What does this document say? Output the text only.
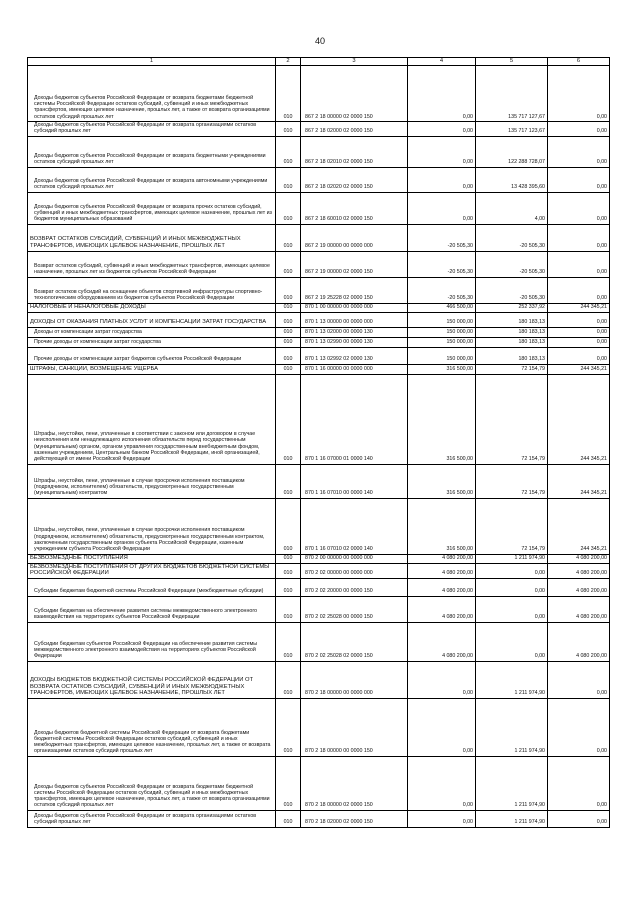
40
1	2	3	4	5	6
Доходы бюджетов субъектов Российской Федерации от возврата бюджетами бюджетной системы Российской Федерации остатков субсидий, субвенций и иных межбюджетных трансфертов, имеющих целевое назначение, прошлых лет, а также от возврата организациями остатков субсидий прошлых лет	010	867 2 18 00000 02 0000 150	0,00	135 717 127,67	0,00
Доходы бюджетов субъектов Российской Федерации от возврата организациями остатков субсидий прошлых лет	010	867 2 18 02000 02 0000 150	0,00	135 717 123,67	0,00
Доходы бюджетов субъектов Российской Федерации от возврата бюджетными учреждениями остатков субсидий прошлых лет	010	867 2 18 02010 02 0000 150	0,00	122 288 728,07	0,00
Доходы бюджетов субъектов Российской Федерации от возврата автономными учреждениями остатков субсидий прошлых лет	010	867 2 18 02020 02 0000 150	0,00	13 428 395,60	0,00
Доходы бюджетов субъектов Российской Федерации от возврата прочих остатков субсидий, субвенций и иных межбюджетных трансфертов, имеющих целевое назначение, прошлых лет из бюджетов муниципальных образований	010	867 2 18 60010 02 0000 150	0,00	4,00	0,00
ВОЗВРАТ ОСТАТКОВ СУБСИДИЙ, СУБВЕНЦИЙ И ИНЫХ МЕЖБЮДЖЕТНЫХ ТРАНСФЕРТОВ, ИМЕЮЩИХ ЦЕЛЕВОЕ НАЗНАЧЕНИЕ, ПРОШЛЫХ ЛЕТ	010	867 2 19 00000 00 0000 000	-20 505,30	-20 505,30	0,00
Возврат остатков субсидий, субвенций и иных межбюджетных трансфертов, имеющих целевое назначение, прошлых лет из бюджетов субъектов Российской Федерации	010	867 2 19 00000 02 0000 150	-20 505,30	-20 505,30	0,00
Возврат остатков субсидий на оснащение объектов спортивной инфраструктуры спортивно-технологическим оборудованием из бюджетов субъектов Российской Федерации	010	867 2 19 25228 02 0000 150	-20 505,30	-20 505,30	0,00
НАЛОГОВЫЕ И НЕНАЛОГОВЫЕ ДОХОДЫ	010	870 1 00 00000 00 0000 000	466 500,00	252 337,92	244 345,21
ДОХОДЫ ОТ ОКАЗАНИЯ ПЛАТНЫХ УСЛУГ И КОМПЕНСАЦИИ ЗАТРАТ ГОСУДАРСТВА	010	870 1 13 00000 00 0000 000	150 000,00	180 183,13	0,00
Доходы от компенсации затрат государства	010	870 1 13 02000 00 0000 130	150 000,00	180 183,13	0,00
Прочие доходы от компенсации затрат государства	010	870 1 13 02990 00 0000 130	150 000,00	180 183,13	0,00
Прочие доходы от компенсации затрат бюджетов субъектов Российской Федерации	010	870 1 13 02992 02 0000 130	150 000,00	180 183,13	0,00
ШТРАФЫ, САНКЦИИ, ВОЗМЕЩЕНИЕ УЩЕРБА	010	870 1 16 00000 00 0000 000	316 500,00	72 154,79	244 345,21
Штрафы, неустойки, пени, уплаченные в соответствии с законом или договором в случае неисполнения или ненадлежащего исполнения обязательств перед государственным (муниципальным) органом, органом управления государственным внебюджетным фондом, казенным учреждением, Центральным банком Российской Федерации, иной организацией, действующей от имени Российской Федерации	010	870 1 16 07000 01 0000 140	316 500,00	72 154,79	244 345,21
Штрафы, неустойки, пени, уплаченные в случае просрочки исполнения поставщиком (подрядчиком, исполнителем) обязательств, предусмотренных государственным (муниципальным) контрактом	010	870 1 16 07010 00 0000 140	316 500,00	72 154,79	244 345,21
Штрафы, неустойки, пени, уплаченные в случае просрочки исполнения поставщиком (подрядчиком, исполнителем) обязательств, предусмотренных государственным контрактом, заключенным государственным органом субъекта Российской Федерации, казенным учреждением субъекта Российской Федерации	010	870 1 16 07010 02 0000 140	316 500,00	72 154,79	244 345,21
БЕЗВОЗМЕЗДНЫЕ ПОСТУПЛЕНИЯ	010	870 2 00 00000 00 0000 000	4 080 200,00	1 211 974,90	4 080 200,00
БЕЗВОЗМЕЗДНЫЕ ПОСТУПЛЕНИЯ ОТ ДРУГИХ БЮДЖЕТОВ БЮДЖЕТНОЙ СИСТЕМЫ РОССИЙСКОЙ ФЕДЕРАЦИИ	010	870 2 02 00000 00 0000 000	4 080 200,00	0,00	4 080 200,00
Субсидии бюджетам бюджетной системы Российской Федерации (межбюджетные субсидии)	010	870 2 02 20000 00 0000 150	4 080 200,00	0,00	4 080 200,00
Субсидии бюджетам на обеспечение развития системы межведомственного электронного взаимодействия на территориях субъектов Российской Федерации	010	870 2 02 25028 00 0000 150	4 080 200,00	0,00	4 080 200,00
Субсидии бюджетам субъектов Российской Федерации на обеспечение развития системы межведомственного электронного взаимодействия на территориях субъектов Российской Федерации	010	870 2 02 25028 02 0000 150	4 080 200,00	0,00	4 080 200,00
ДОХОДЫ БЮДЖЕТОВ БЮДЖЕТНОЙ СИСТЕМЫ РОССИЙСКОЙ ФЕДЕРАЦИИ ОТ ВОЗВРАТА ОСТАТКОВ СУБСИДИЙ, СУБВЕНЦИЙ И ИНЫХ МЕЖБЮДЖЕТНЫХ ТРАНСФЕРТОВ, ИМЕЮЩИХ ЦЕЛЕВОЕ НАЗНАЧЕНИЕ, ПРОШЛЫХ ЛЕТ	010	870 2 18 00000 00 0000 000	0,00	1 211 974,90	0,00
Доходы бюджетов бюджетной системы Российской Федерации от возврата бюджетами бюджетной системы Российской Федерации остатков субсидий, субвенций и иных межбюджетных трансфертов, имеющих целевое назначение, прошлых лет, а также от возврата организациями остатков субсидий прошлых лет	010	870 2 18 00000 00 0000 150	0,00	1 211 974,90	0,00
Доходы бюджетов субъектов Российской Федерации от возврата бюджетами бюджетной системы Российской Федерации остатков субсидий, субвенций и иных межбюджетных трансфертов, имеющих целевое назначение, прошлых лет, а также от возврата организациями остатков субсидий прошлых лет	010	870 2 18 00000 02 0000 150	0,00	1 211 974,90	0,00
Доходы бюджетов субъектов Российской Федерации от возврата организациями остатков субсидий прошлых лет	010	870 2 18 02000 02 0000 150	0,00	1 211 974,90	0,00
